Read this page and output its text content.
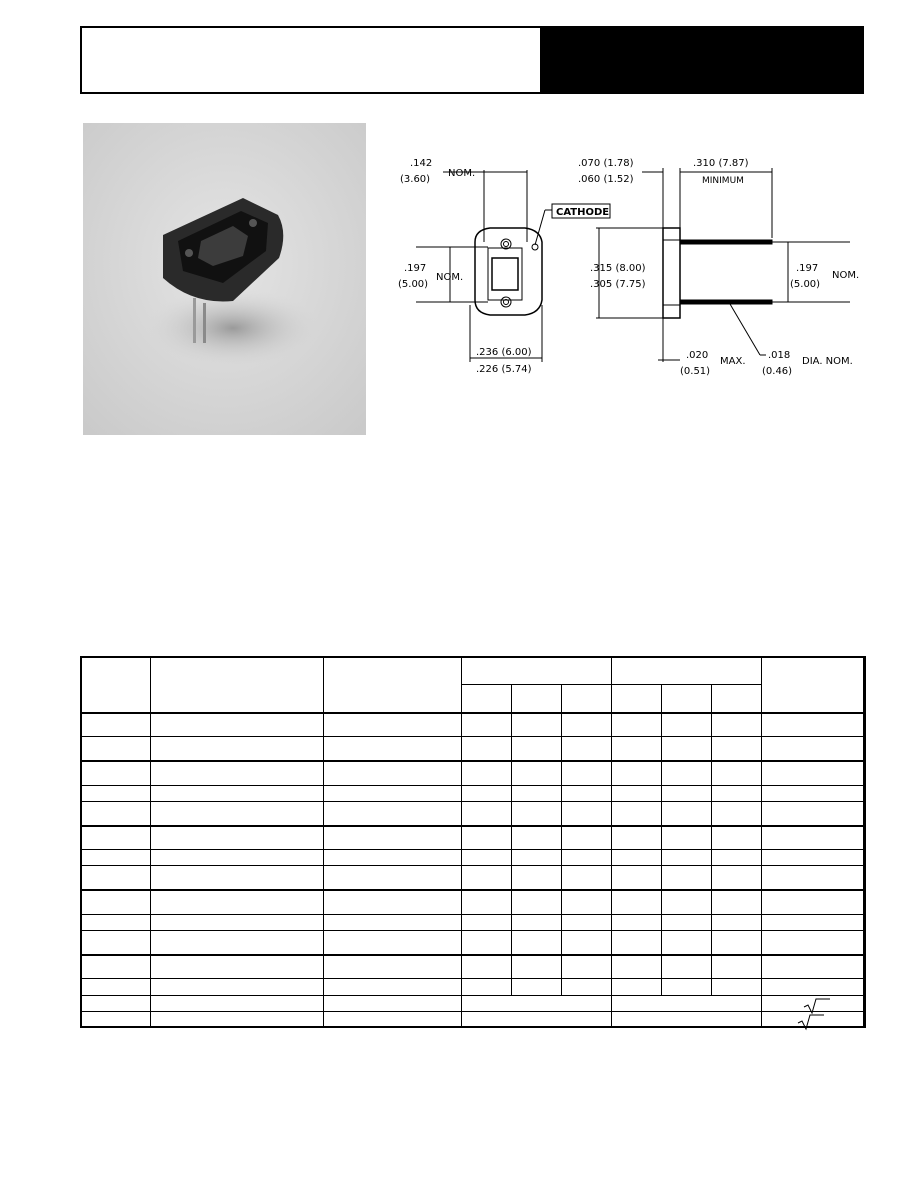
.142
(3.60)
NOM.
.070 (1.78)
.060 (1.52)
.310 (7.87)
MINIMUM
CATHODE
.197
(5.00)
NOM.
.315 (8.00)
.305 (7.75)
.197
(5.00)
NOM.
.236 (6.00)
.226 (5.74)
.020
(0.51)
MAX.
.018
(0.46)
DIA. NOM.
